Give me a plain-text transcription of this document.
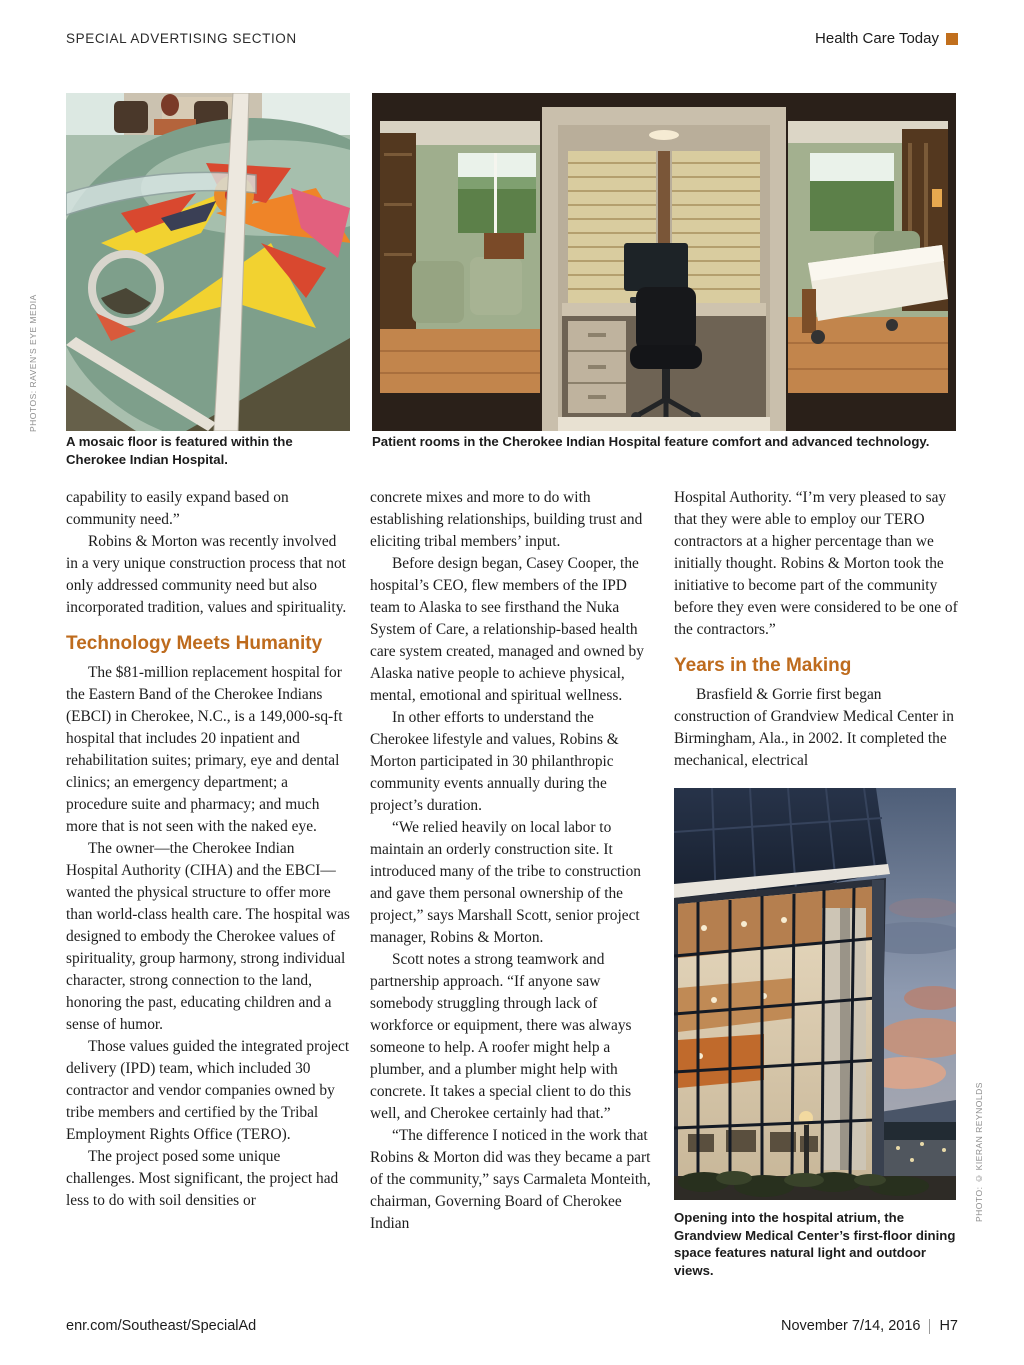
SPECIAL ADVERTISING SECTION	Health Care Today
PHOTOS: RAVEN’S EYE MEDIA
A mosaic floor is featured within the Cherokee Indian Hospital.
Patient rooms in the Cherokee Indian Hospital feature comfort and advanced technology.

capability to easily expand based on community need.”

Robins & Morton was recently involved in a very unique construction process that not only addressed community need but also incorporated tradition, values and spirituality.

Technology Meets Humanity

The $81-million replacement hospital for the Eastern Band of the Cherokee Indians (EBCI) in Cherokee, N.C., is a 149,000-sq-ft hospital that includes 20 inpatient and rehabilitation suites; primary, eye and dental clinics; an emergency department; a procedure suite and pharmacy; and much more that is not seen with the naked eye.

The owner—the Cherokee Indian Hospital Authority (CIHA) and the EBCI—wanted the physical structure to offer more than world-class health care. The hospital was designed to embody the Cherokee values of spirituality, group harmony, strong individual character, strong connection to the land, honoring the past, educating children and a sense of humor.

Those values guided the integrated project delivery (IPD) team, which included 30 contractor and vendor companies owned by tribe members and certified by the Tribal Employment Rights Office (TERO).

The project posed some unique challenges. Most significant, the project had less to do with soil densities or

concrete mixes and more to do with establishing relationships, building trust and eliciting tribal members’ input.

Before design began, Casey Cooper, the hospital’s CEO, flew members of the IPD team to Alaska to see firsthand the Nuka System of Care, a relationship-based health care system created, managed and owned by Alaska native people to achieve physical, mental, emotional and spiritual wellness.

In other efforts to understand the Cherokee lifestyle and values, Robins & Morton participated in 30 philanthropic community events annually during the project’s duration.

“We relied heavily on local labor to maintain an orderly construction site. It introduced many of the tribe to construction and gave them personal ownership of the project,” says Marshall Scott, senior project manager, Robins & Morton.

Scott notes a strong teamwork and partnership approach. “If anyone saw somebody struggling through lack of workforce or equipment, there was always someone to help. A roofer might help a plumber, and a plumber might help with concrete. It takes a special client to do this well, and Cherokee certainly had that.”

“The difference I noticed in the work that Robins & Morton did was they became a part of the community,” says Carmaleta Monteith, chairman, Governing Board of Cherokee Indian

Hospital Authority. “I’m very pleased to say that they were able to employ our TERO contractors at a higher percentage than we initially thought. Robins & Morton took the initiative to become part of the community before they even were considered to be one of the contractors.”

Years in the Making

Brasfield & Gorrie first began construction of Grandview Medical Center in Birmingham, Ala., in 2002. It completed the mechanical, electrical

Opening into the hospital atrium, the Grandview Medical Center’s first-floor dining space features natural light and outdoor views.

PHOTO: © KIERAN REYNOLDS
enr.com/Southeast/SpecialAd	November 7/14, 2016 H7
